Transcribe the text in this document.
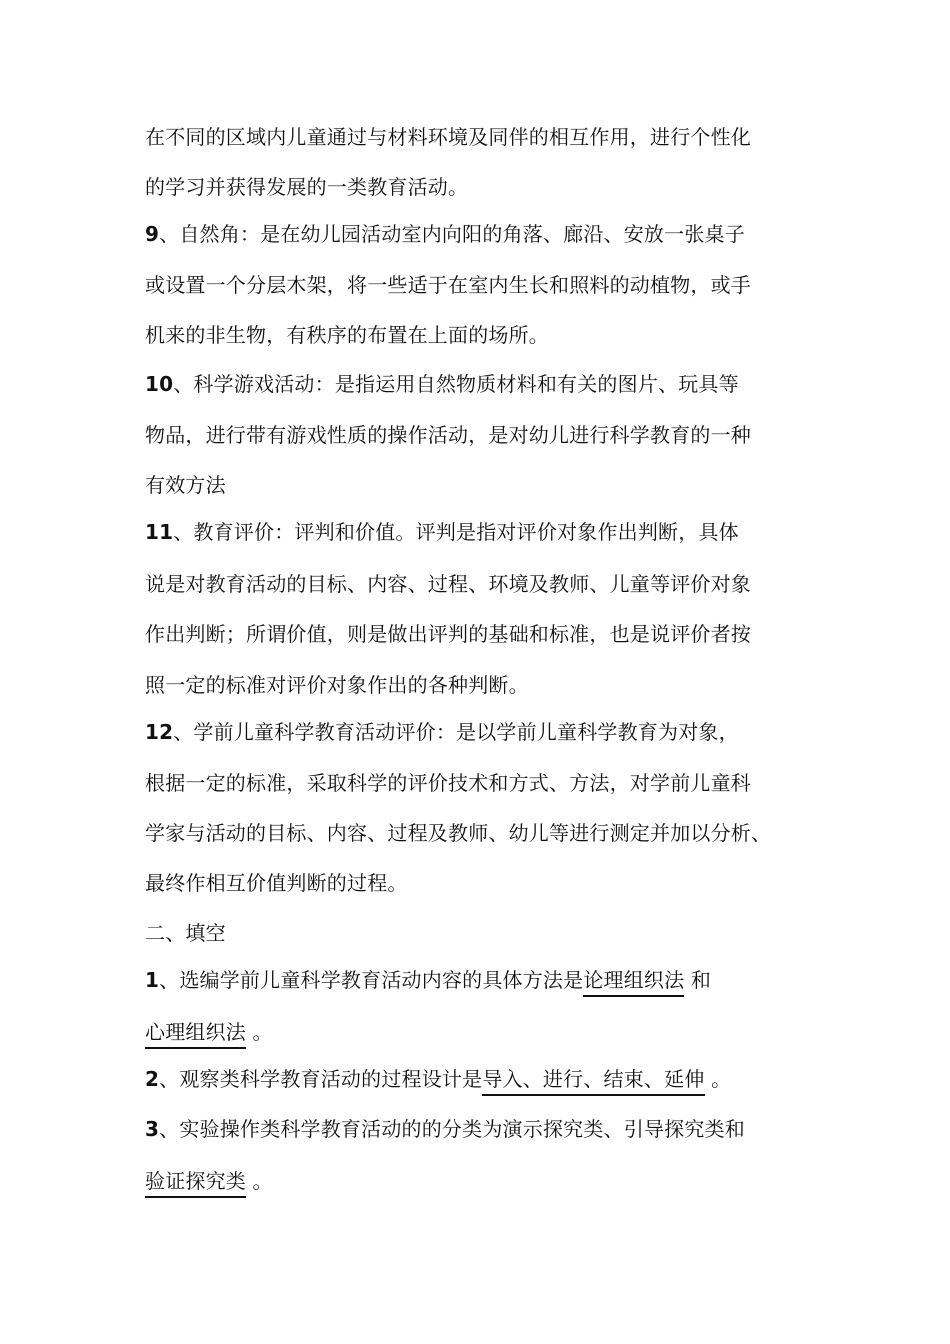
在不同的区域内儿童通过与材料环境及同伴的相互作用，进行个性化
的学习并获得发展的一类教育活动。
9、自然角：是在幼儿园活动室内向阳的角落、廊沿、安放一张桌子
或设置一个分层木架，将一些适于在室内生长和照料的动植物，或手
机来的非生物，有秩序的布置在上面的场所。
10、科学游戏活动：是指运用自然物质材料和有关的图片、玩具等
物品，进行带有游戏性质的操作活动，是对幼儿进行科学教育的一种
有效方法
11、教育评价：评判和价值。评判是指对评价对象作出判断，具体
说是对教育活动的目标、内容、过程、环境及教师、儿童等评价对象
作出判断；所谓价值，则是做出评判的基础和标准，也是说评价者按
照一定的标准对评价对象作出的各种判断。
12、学前儿童科学教育活动评价：是以学前儿童科学教育为对象，
根据一定的标准，采取科学的评价技术和方式、方法，对学前儿童科
学家与活动的目标、内容、过程及教师、幼儿等进行测定并加以分析、
最终作相互价值判断的过程。
二、填空
1、选编学前儿童科学教育活动内容的具体方法是论理组织法 和
心理组织法 。
2、观察类科学教育活动的过程设计是导入、进行、结束、延伸 。
3、实验操作类科学教育活动的的分类为演示探究类、引导探究类和
验证探究类 。
